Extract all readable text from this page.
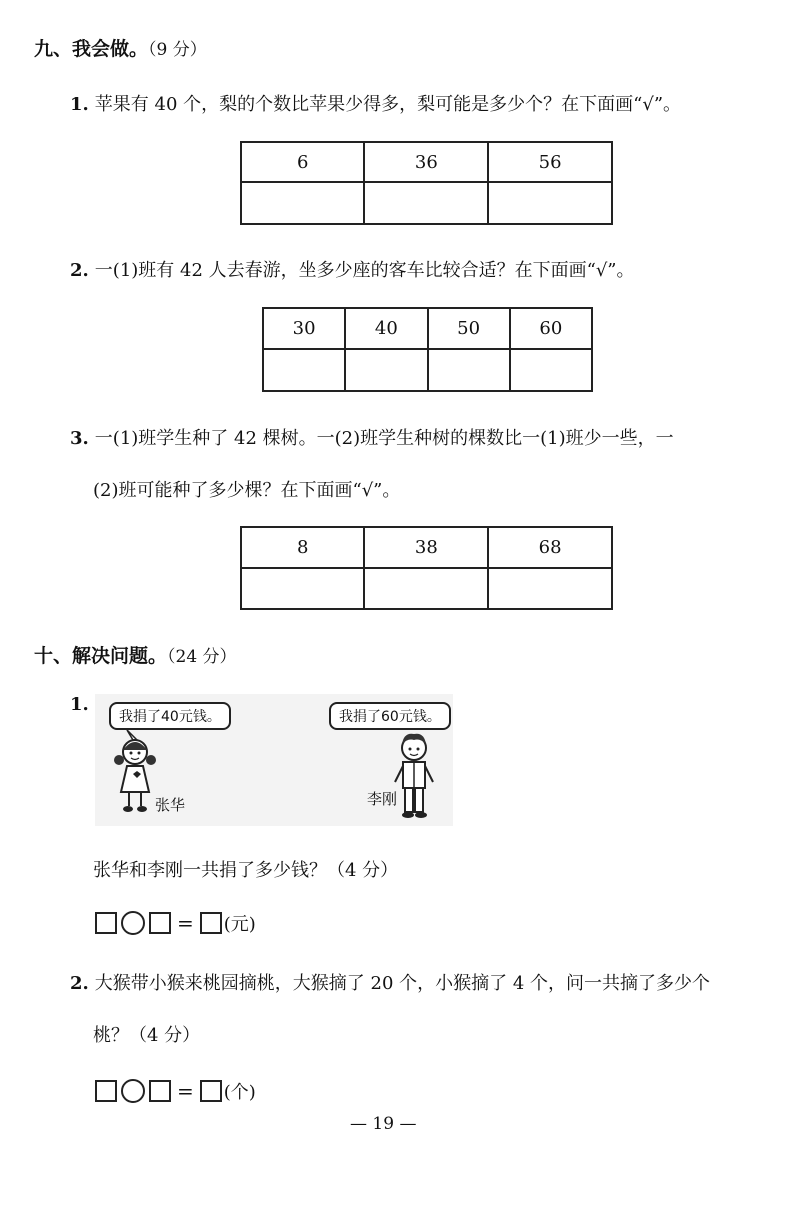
九、我会做。（9 分）
1. 苹果有 40 个，梨的个数比苹果少得多，梨可能是多少个？在下面画“√”。
6	36	56

2. 一(1)班有 42 人去春游，坐多少座的客车比较合适？在下面画“√”。
30	40	50	60

3. 一(1)班学生种了 42 棵树。一(2)班学生种树的棵数比一(1)班少一些，一
(2)班可能种了多少棵？在下面画“√”。
8	38	68

十、解决问题。（24 分）
1.
我捐了40元钱。
张华
我捐了60元钱。
李刚
张华和李刚一共捐了多少钱？（4 分）
= (元)
2. 大猴带小猴来桃园摘桃，大猴摘了 20 个，小猴摘了 4 个，问一共摘了多少个
桃？（4 分）
= (个)
— 19 —
